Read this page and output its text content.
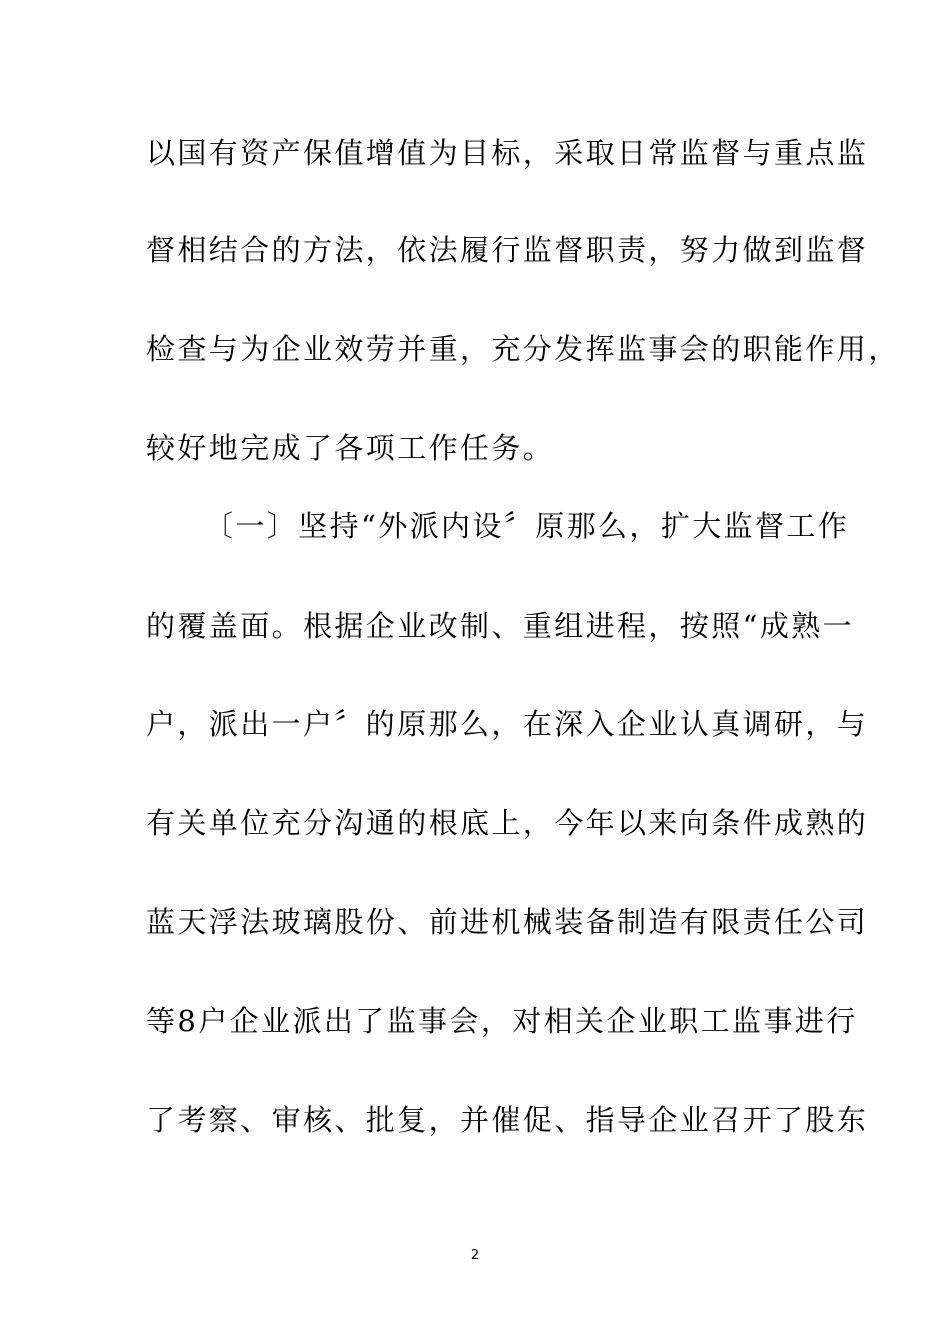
以国有资产保值增值为目标，采取日常监督与重点监
督相结合的方法，依法履行监督职责，努力做到监督
检查与为企业效劳并重，充分发挥监事会的职能作用，
较好地完成了各项工作任务。
〔一〕坚持“外派内设〞原那么，扩大监督工作
的覆盖面。根据企业改制、重组进程，按照“成熟一
户，派出一户〞的原那么，在深入企业认真调研，与
有关单位充分沟通的根底上，今年以来向条件成熟的
蓝天浮法玻璃股份、前进机械装备制造有限责任公司
等8户企业派出了监事会，对相关企业职工监事进行
了考察、审核、批复，并催促、指导企业召开了股东
2
